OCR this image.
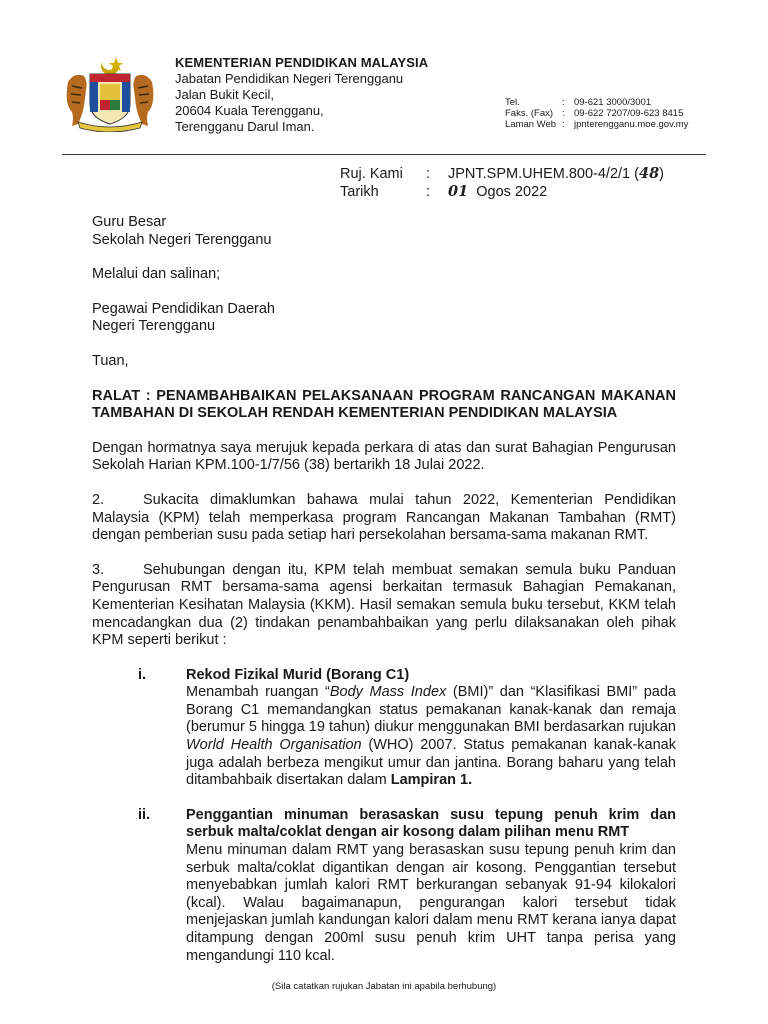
KEMENTERIAN PENDIDIKAN MALAYSIA
Jabatan Pendidikan Negeri Terengganu
Jalan Bukit Kecil,
20604 Kuala Terengganu,
Terengganu Darul Iman.
Tel.	: 09-621 3000/3001
Faks. (Fax) : 09-622 7207/09-623 8415
Laman Web : jpnterengganu.moe.gov.my
Ruj. Kami	:	JPNT.SPM.UHEM.800-4/2/1 (48)
Tarikh	:	01 Ogos 2022

Guru Besar
Sekolah Negeri Terengganu

Melalui dan salinan;

Pegawai Pendidikan Daerah
Negeri Terengganu

Tuan,

RALAT : PENAMBAHBAIKAN PELAKSANAAN PROGRAM RANCANGAN MAKANAN TAMBAHAN DI SEKOLAH RENDAH KEMENTERIAN PENDIDIKAN MALAYSIA

Dengan hormatnya saya merujuk kepada perkara di atas dan surat Bahagian Pengurusan Sekolah Harian KPM.100-1/7/56 (38) bertarikh 18 Julai 2022.

2.	Sukacita dimaklumkan bahawa mulai tahun 2022, Kementerian Pendidikan Malaysia (KPM) telah memperkasa program Rancangan Makanan Tambahan (RMT) dengan pemberian susu pada setiap hari persekolahan bersama-sama makanan RMT.

3.	Sehubungan dengan itu, KPM telah membuat semakan semula buku Panduan Pengurusan RMT bersama-sama agensi berkaitan termasuk Bahagian Pemakanan, Kementerian Kesihatan Malaysia (KKM). Hasil semakan semula buku tersebut, KKM telah mencadangkan dua (2) tindakan penambahbaikan yang perlu dilaksanakan oleh pihak KPM seperti berikut :

i.	Rekod Fizikal Murid (Borang C1)
Menambah ruangan “Body Mass Index (BMI)” dan “Klasifikasi BMI” pada Borang C1 memandangkan status pemakanan kanak-kanak dan remaja (berumur 5 hingga 19 tahun) diukur menggunakan BMI berdasarkan rujukan World Health Organisation (WHO) 2007. Status pemakanan kanak-kanak juga adalah berbeza mengikut umur dan jantina. Borang baharu yang telah ditambahbaik disertakan dalam Lampiran 1.
ii.	Penggantian minuman berasaskan susu tepung penuh krim dan serbuk malta/coklat dengan air kosong dalam pilihan menu RMT
Menu minuman dalam RMT yang berasaskan susu tepung penuh krim dan serbuk malta/coklat digantikan dengan air kosong. Penggantian tersebut menyebabkan jumlah kalori RMT berkurangan sebanyak 91-94 kilokalori (kcal). Walau bagaimanapun, pengurangan kalori tersebut tidak menjejaskan jumlah kandungan kalori dalam menu RMT kerana ianya dapat ditampung dengan 200ml susu penuh krim UHT tanpa perisa yang mengandungi 110 kcal.
(Sila catatkan rujukan Jabatan ini apabila berhubung)
